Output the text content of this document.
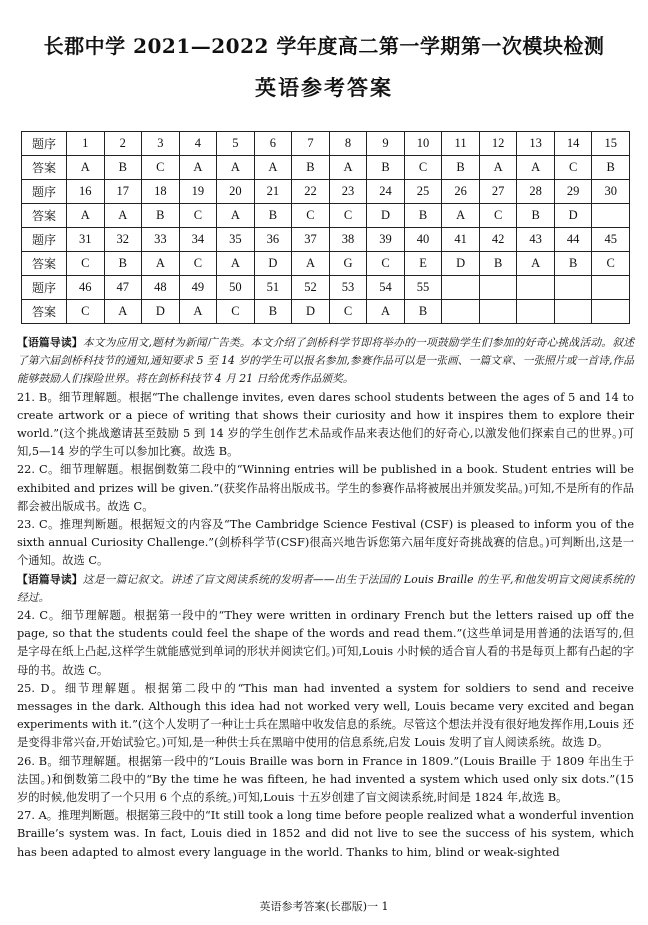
长郡中学 2021—2022 学年度高二第一学期第一次模块检测
英语参考答案
题序	1	2	3	4	5	6	7	8	9	10	11	12	13	14	15
答案	A	B	C	A	A	A	B	A	B	C	B	A	A	C	B
题序	16	17	18	19	20	21	22	23	24	25	26	27	28	29	30
答案	A	A	B	C	A	B	C	C	D	B	A	C	B	D	
题序	31	32	33	34	35	36	37	38	39	40	41	42	43	44	45
答案	C	B	A	C	A	D	A	G	C	E	D	B	A	B	C
题序	46	47	48	49	50	51	52	53	54	55					
答案	C	A	D	A	C	B	D	C	A	B					

【语篇导读】本文为应用文,题材为新闻广告类。本文介绍了剑桥科学节即将举办的一项鼓励学生们参加的好奇心挑战活动。叙述了第六届剑桥科技节的通知,通知要求 5 至 14 岁的学生可以报名参加,参赛作品可以是一张画、一篇文章、一张照片或一首诗,作品能够鼓励人们探险世界。将在剑桥科技节 4 月 21 日给优秀作品颁奖。

21. B。细节理解题。根据“The challenge invites, even dares school students between the ages of 5 and 14 to create artwork or a piece of writing that shows their curiosity and how it inspires them to explore their world.”(这个挑战邀请甚至鼓励 5 到 14 岁的学生创作艺术品或作品来表达他们的好奇心,以激发他们探索自己的世界。)可知,5—14 岁的学生可以参加比赛。故选 B。

22. C。细节理解题。根据倒数第二段中的“Winning entries will be published in a book. Student entries will be exhibited and prizes will be given.”(获奖作品将出版成书。学生的参赛作品将被展出并颁发奖品。)可知,不是所有的作品都会被出版成书。故选 C。

23. C。推理判断题。根据短文的内容及“The Cambridge Science Festival (CSF) is pleased to inform you of the sixth annual Curiosity Challenge.”(剑桥科学节(CSF)很高兴地告诉您第六届年度好奇挑战赛的信息。)可判断出,这是一个通知。故选 C。

【语篇导读】这是一篇记叙文。讲述了盲文阅读系统的发明者——出生于法国的 Louis Braille 的生平,和他发明盲文阅读系统的经过。

24. C。细节理解题。根据第一段中的“They were written in ordinary French but the letters raised up off the page, so that the students could feel the shape of the words and read them.”(这些单词是用普通的法语写的,但是字母在纸上凸起,这样学生就能感觉到单词的形状并阅读它们。)可知,Louis 小时候的适合盲人看的书是每页上都有凸起的字母的书。故选 C。

25. D。细节理解题。根据第二段中的“This man had invented a system for soldiers to send and receive messages in the dark. Although this idea had not worked very well, Louis became very excited and began experiments with it.”(这个人发明了一种让士兵在黑暗中收发信息的系统。尽管这个想法并没有很好地发挥作用,Louis 还是变得非常兴奋,开始试验它。)可知,是一种供士兵在黑暗中使用的信息系统,启发 Louis 发明了盲人阅读系统。故选 D。

26. B。细节理解题。根据第一段中的“Louis Braille was born in France in 1809.”(Louis Braille 于 1809 年出生于法国。)和倒数第二段中的“By the time he was fifteen, he had invented a system which used only six dots.”(15 岁的时候,他发明了一个只用 6 个点的系统。)可知,Louis 十五岁创建了盲文阅读系统,时间是 1824 年,故选 B。

27. A。推理判断题。根据第三段中的“It still took a long time before people realized what a wonderful invention Braille’s system was. In fact, Louis died in 1852 and did not live to see the success of his system, which has been adapted to almost every language in the world. Thanks to him, blind or weak-sighted

英语参考答案(长郡版)一 1
